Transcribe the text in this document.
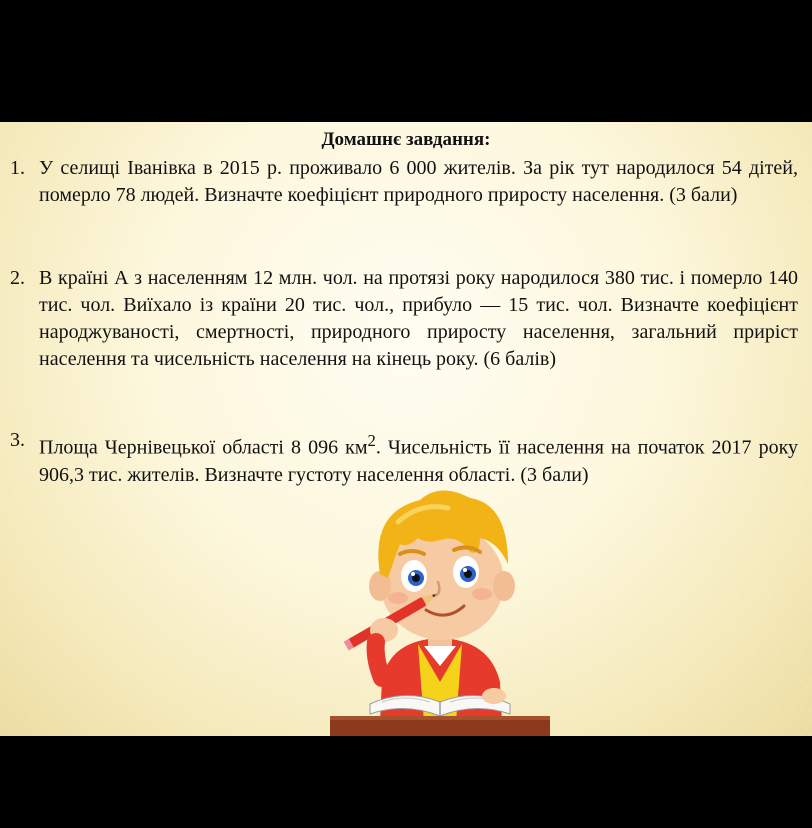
Домашнє завдання:
1. У селищі Іванівка в 2015 р. проживало 6 000 жителів. За рік тут народилося 54 дітей, померло 78 людей. Визначте коефіцієнт природного приросту населення. (3 бали)
2. В країні А з населенням 12 млн. чол. на протязі року народилося 380 тис. і померло 140 тис. чол. Виїхало із країни 20 тис. чол., прибуло — 15 тис. чол. Визначте коефіцієнт народжуваності, смертності, природного приросту населення, загальний приріст населення та чисельність населення на кінець року. (6 балів)
3. Площа Чернівецької області 8 096 $км^2$. Чисельність її населення на початок 2017 року 906,3 тис. жителів. Визначте густоту населення області. (3 бали)
